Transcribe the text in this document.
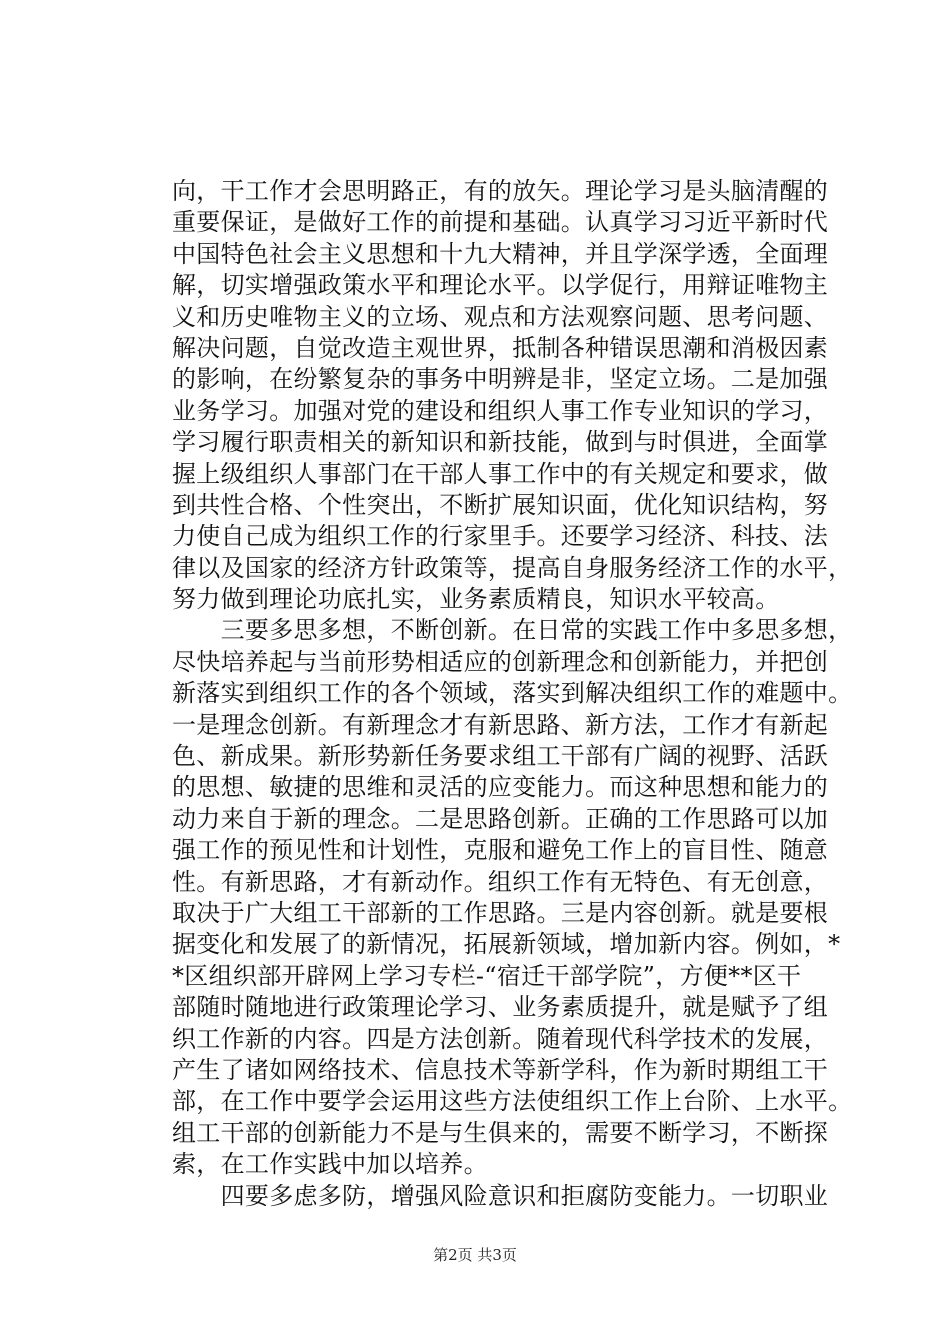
向，干工作才会思明路正，有的放矢。理论学习是头脑清醒的
重要保证，是做好工作的前提和基础。认真学习习近平新时代
中国特色社会主义思想和十九大精神，并且学深学透，全面理
解，切实增强政策水平和理论水平。以学促行，用辩证唯物主
义和历史唯物主义的立场、观点和方法观察问题、思考问题、
解决问题，自觉改造主观世界，抵制各种错误思潮和消极因素
的影响，在纷繁复杂的事务中明辨是非，坚定立场。二是加强
业务学习。加强对党的建设和组织人事工作专业知识的学习，
学习履行职责相关的新知识和新技能，做到与时俱进，全面掌
握上级组织人事部门在干部人事工作中的有关规定和要求，做
到共性合格、个性突出，不断扩展知识面，优化知识结构，努
力使自己成为组织工作的行家里手。还要学习经济、科技、法
律以及国家的经济方针政策等，提高自身服务经济工作的水平，
努力做到理论功底扎实，业务素质精良，知识水平较高。
　　三要多思多想，不断创新。在日常的实践工作中多思多想，
尽快培养起与当前形势相适应的创新理念和创新能力，并把创
新落实到组织工作的各个领域，落实到解决组织工作的难题中。
一是理念创新。有新理念才有新思路、新方法，工作才有新起
色、新成果。新形势新任务要求组工干部有广阔的视野、活跃
的思想、敏捷的思维和灵活的应变能力。而这种思想和能力的
动力来自于新的理念。二是思路创新。正确的工作思路可以加
强工作的预见性和计划性，克服和避免工作上的盲目性、随意
性。有新思路，才有新动作。组织工作有无特色、有无创意，
取决于广大组工干部新的工作思路。三是内容创新。就是要根
据变化和发展了的新情况，拓展新领域，增加新内容。例如，*
*区组织部开辟网上学习专栏-“宿迁干部学院”，方便**区干
部随时随地进行政策理论学习、业务素质提升，就是赋予了组
织工作新的内容。四是方法创新。随着现代科学技术的发展，
产生了诸如网络技术、信息技术等新学科，作为新时期组工干
部，在工作中要学会运用这些方法使组织工作上台阶、上水平。
组工干部的创新能力不是与生俱来的，需要不断学习，不断探
索，在工作实践中加以培养。
　　四要多虑多防，增强风险意识和拒腐防变能力。一切职业
第2页 共3页
